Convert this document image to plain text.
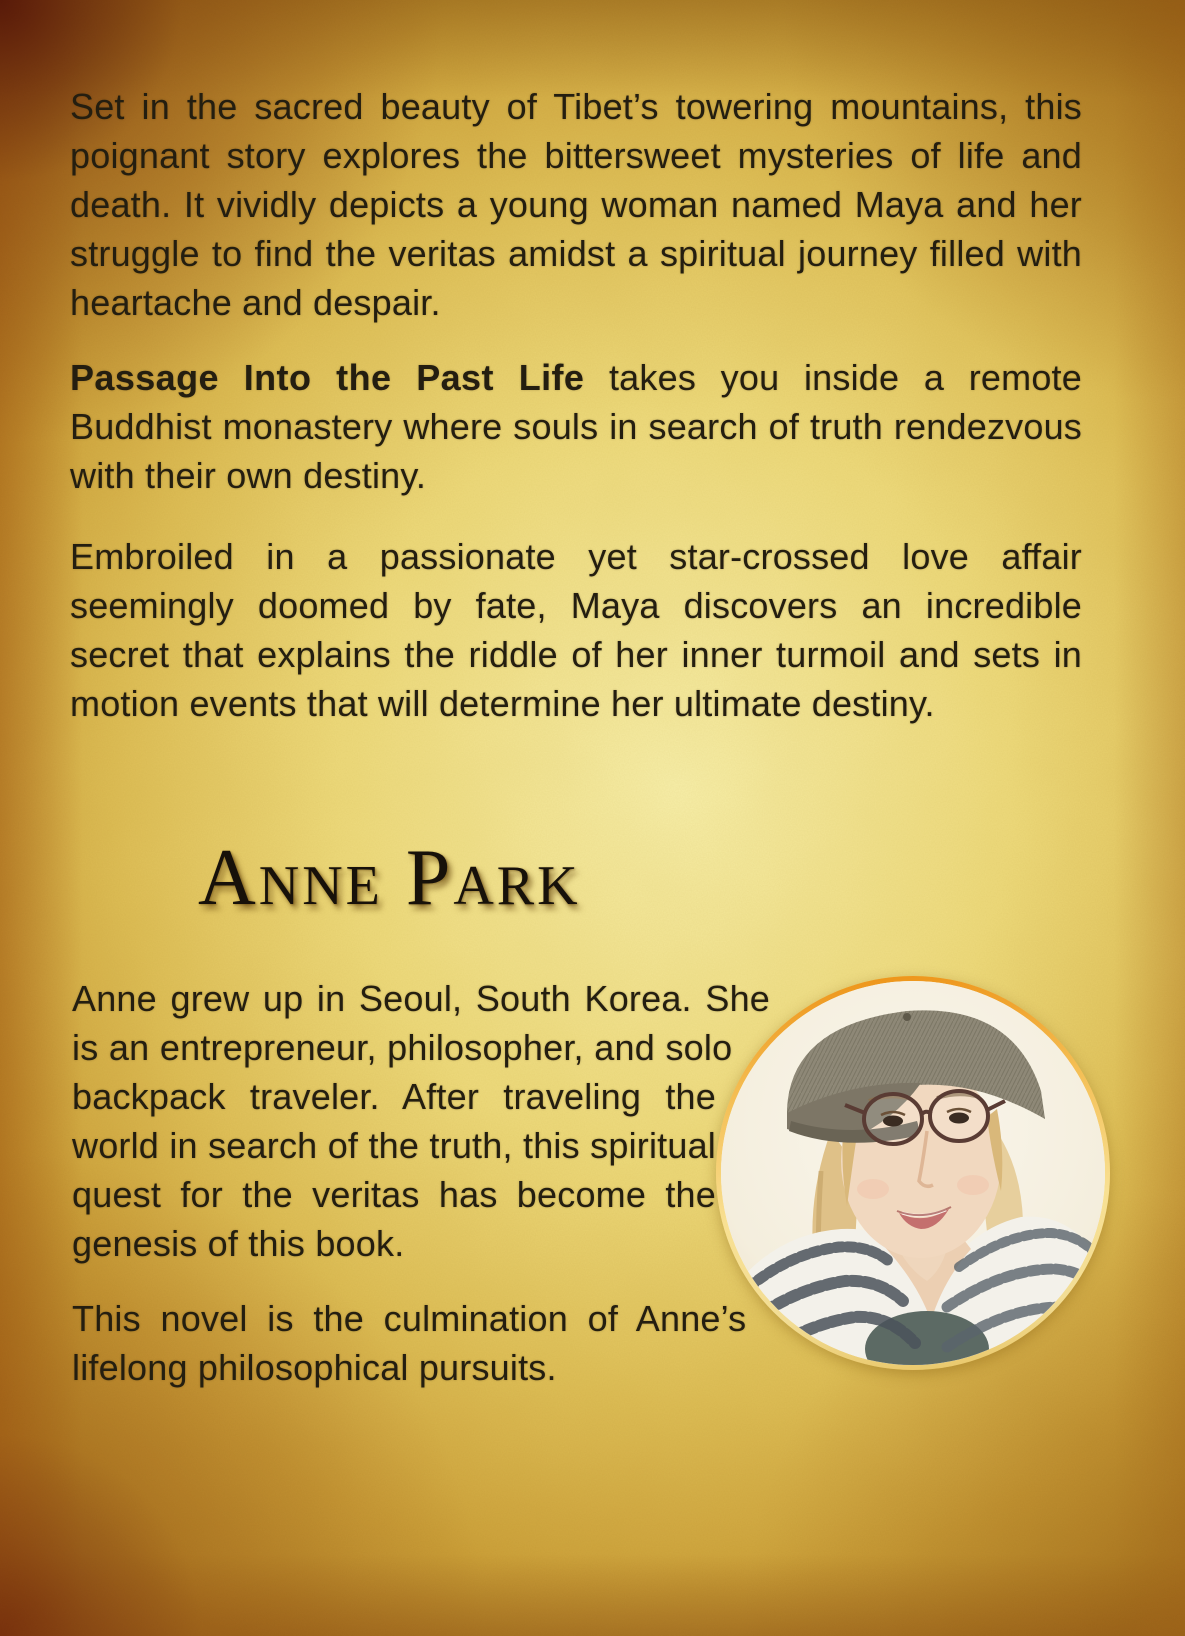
Set in the sacred beauty of Tibet’s towering mountains, this poignant story explores the bittersweet mysteries of life and death. It vividly depicts a young woman named Maya and her struggle to find the veritas amidst a spiritual journey filled with heartache and despair.

Passage Into the Past Life takes you inside a remote Buddhist monastery where souls in search of truth rendezvous with their own destiny.

Embroiled in a passionate yet star-crossed love affair seemingly doomed by fate, Maya discovers an incredible secret that explains the riddle of her inner turmoil and sets in motion events that will determine her ultimate destiny.

Anne Park

Anne grew up in Seoul, South Korea. She is an entrepreneur, philosopher, and solo backpack traveler. After traveling the world in search of the truth, this spiritual quest for the veritas has become the genesis of this book.

This novel is the culmination of Anne’s lifelong philosophical pursuits.
